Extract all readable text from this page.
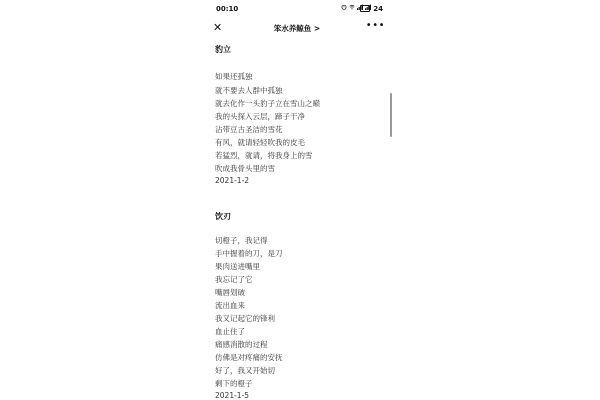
00:10	24
✕	笨水养鲸鱼 >	•••
豹立
如果还孤独
就不要去人群中孤独
就去化作一头豹子立在雪山之巅
我的头探入云层，蹄子干净
沾带豆古圣洁的雪花
有风，就请轻轻吹我的皮毛
若猛烈，就请，将我身上的雪
吹成我骨头里的雪
2021-1-2
饮刃
切橙子，我记得
手中握着的刀，是刀
果肉送进嘴里
我忘记了它
嘴唇划破
流出血来
我又记起它的锋利
血止住了
痛感消散的过程
仿佛是对疼痛的安抚
好了，我又开始切
剩下的橙子
2021-1-5
